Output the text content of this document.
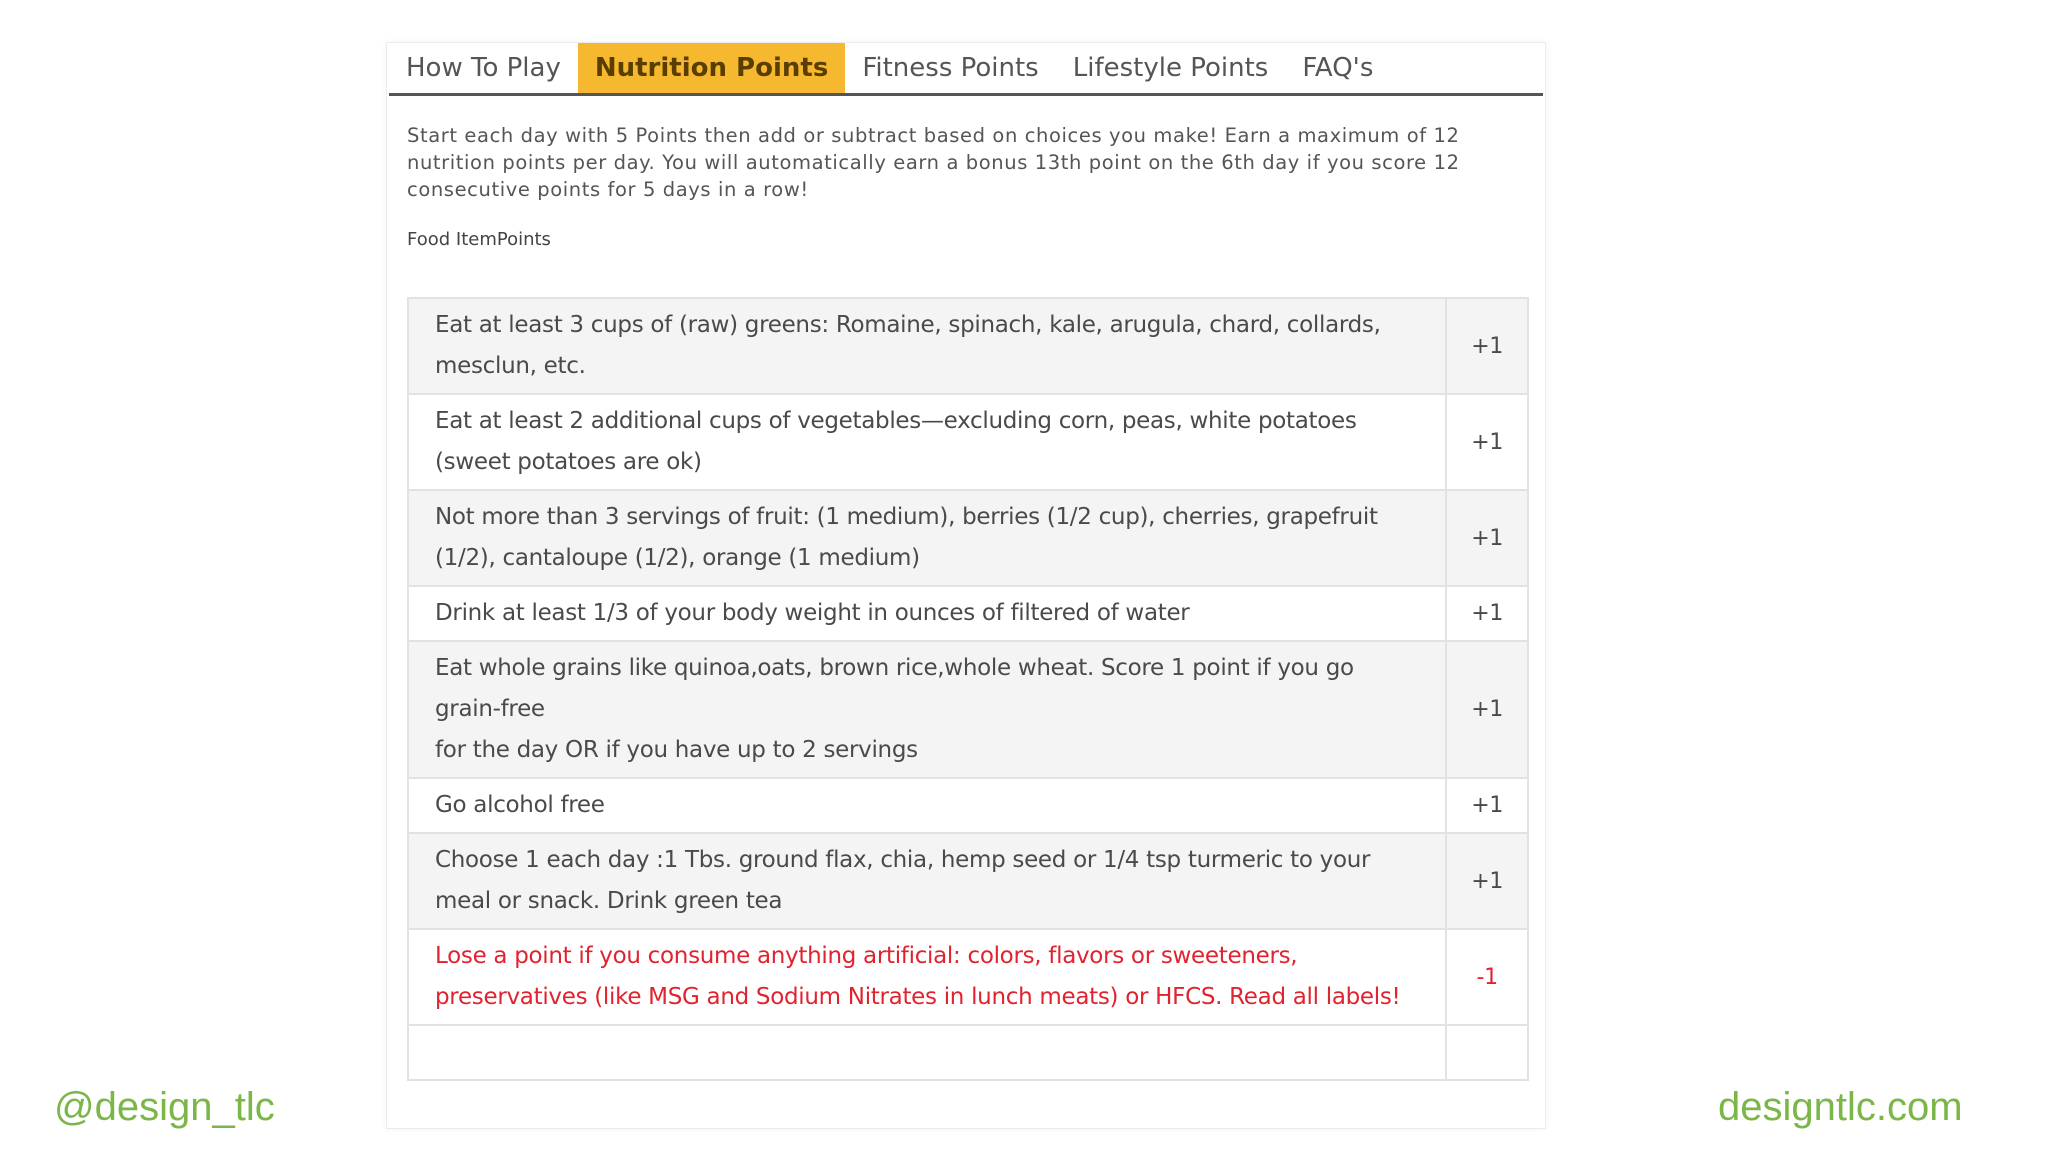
How To Play	Nutrition Points	Fitness Points	Lifestyle Points	FAQ's
Start each day with 5 Points then add or subtract based on choices you make! Earn a maximum of 12 nutrition points per day. You will automatically earn a bonus 13th point on the 6th day if you score 12 consecutive points for 5 days in a row!
Food ItemPoints
Eat at least 3 cups of (raw) greens: Romaine, spinach, kale, arugula, chard, collards, mesclun, etc.	+1
Eat at least 2 additional cups of vegetables—excluding corn, peas, white potatoes (sweet potatoes are ok)	+1
Not more than 3 servings of fruit: (1 medium), berries (1/2 cup), cherries, grapefruit (1/2), cantaloupe (1/2), orange (1 medium)	+1
Drink at least 1/3 of your body weight in ounces of filtered of water	+1
Eat whole grains like quinoa,oats, brown rice,whole wheat. Score 1 point if you go grain-free
for the day OR if you have up to 2 servings	+1
Go alcohol free	+1
Choose 1 each day :1 Tbs. ground flax, chia, hemp seed or 1/4 tsp turmeric to your meal or snack. Drink green tea	+1
Lose a point if you consume anything artificial: colors, flavors or sweeteners, preservatives (like MSG and Sodium Nitrates in lunch meats) or HFCS. Read all labels!	-1

@design_tlc	designtlc.com
